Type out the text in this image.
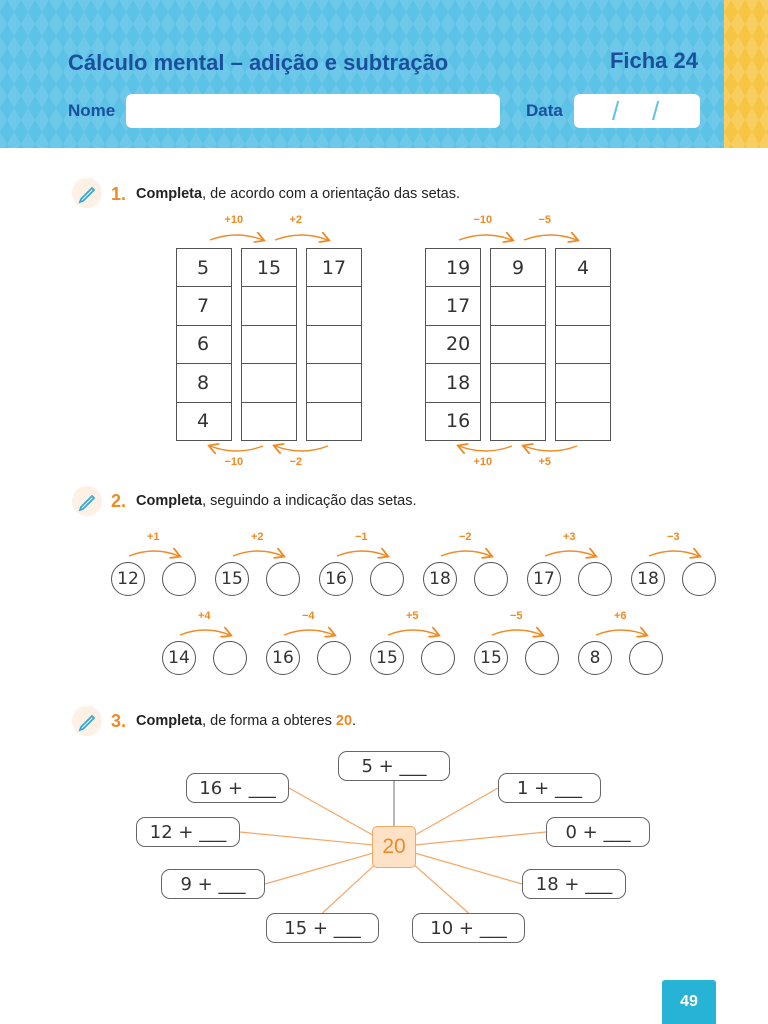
Cálculo mental – adição e subtração	Ficha 24
Nome	Data / /
1. Completa, de acordo com a orientação das setas.
5	15	17
7
6
8
4
+10	+2
−10	−2
19	9	4
17
20
18
16
−10	−5
+10	+5
2. Completa, seguindo a indicação das setas.
12
+1
15
+2
16
−1
18
−2
17
+3
18
−3
14
+4
16
−4
15
+5
15
−5
8
+6
3. Completa, de forma a obteres 20.
5 + ___
16 + ___	1 + ___
12 + ___	0 + ___
9 + ___	18 + ___
15 + ___	10 + ___
20
49
